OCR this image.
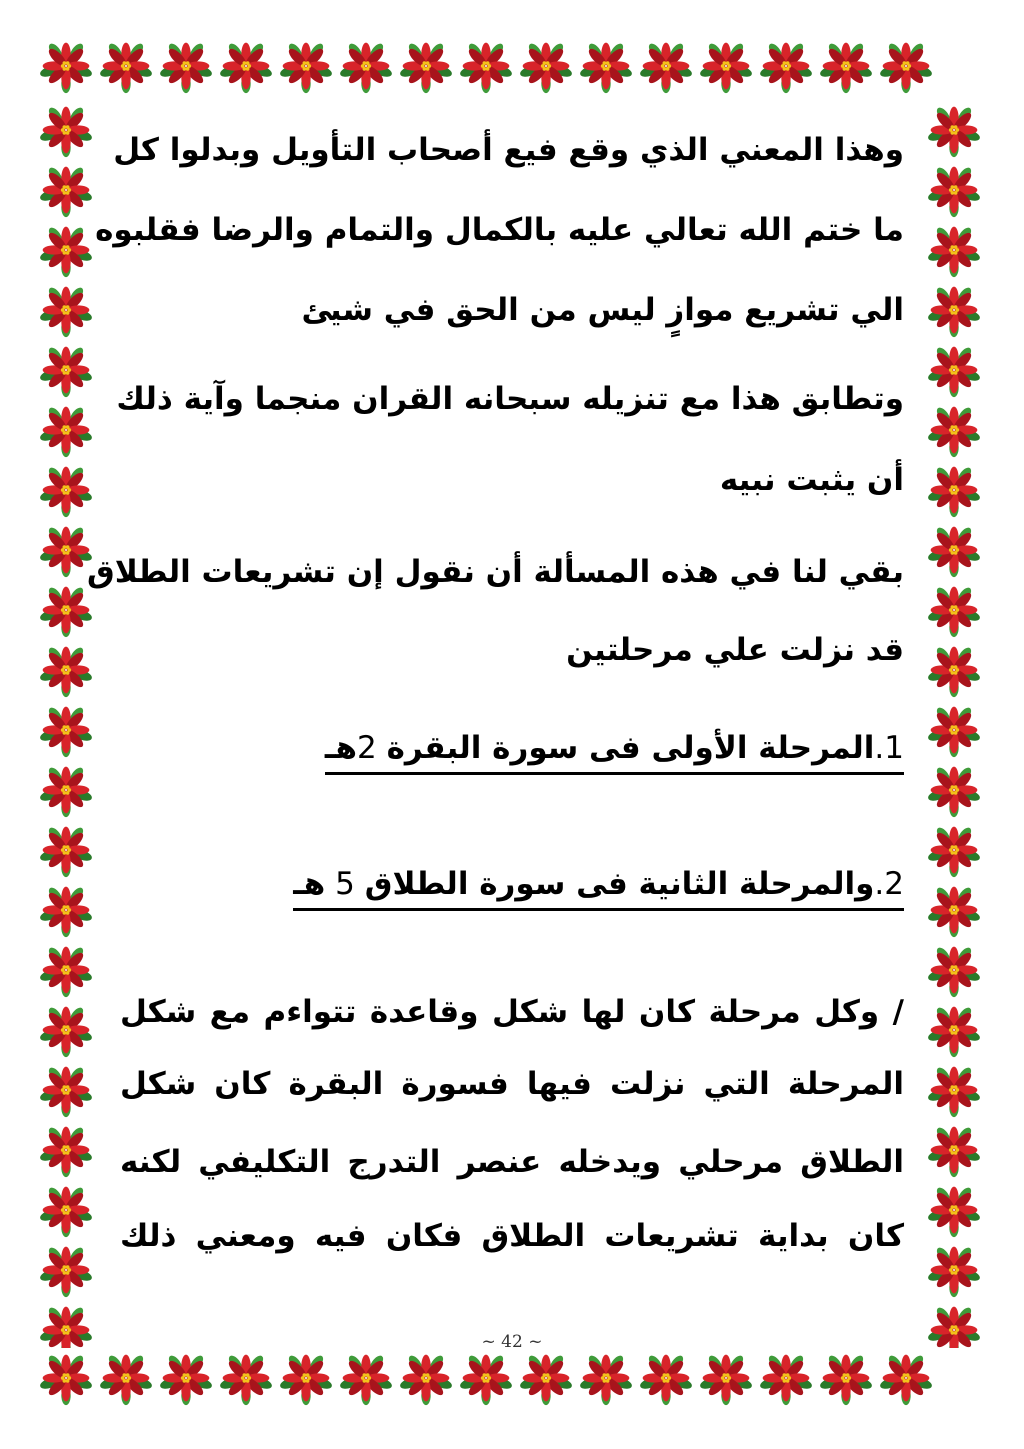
وهذا المعني الذي وقع فيع أصحاب التأويل وبدلوا كل
ما ختم الله تعالي عليه بالكمال والتمام والرضا فقلبوه
الي تشريع موازٍ ليس من الحق في شيئ
وتطابق هذا مع تنزيله سبحانه القران منجما وآية ذلك
أن يثبت نبيه
بقي لنا في هذه المسألة أن نقول إن تشريعات الطلاق
قد نزلت علي مرحلتين
1.المرحلة الأولى فى سورة البقرة 2هـ
2.والمرحلة الثانية فى سورة الطلاق 5 هـ
/ وكل مرحلة كان لها شكل وقاعدة تتواءم مع شكل
المرحلة التي نزلت فيها فسورة البقرة كان شكل
الطلاق مرحلي ويدخله عنصر التدرج التكليفي لكنه
كان بداية تشريعات الطلاق فكان فيه ومعني ذلك
~ 42 ~
